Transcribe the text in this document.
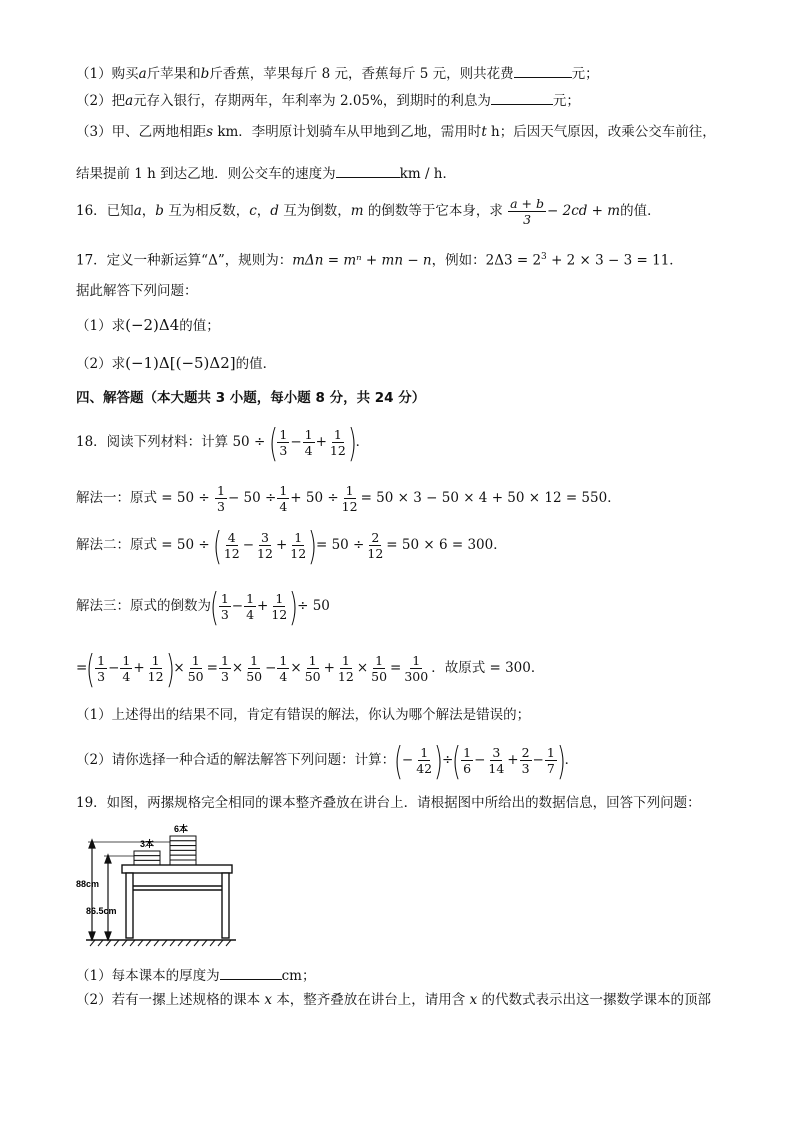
（1）购买a斤苹果和b斤香蕉，苹果每斤 8 元，香蕉每斤 5 元，则共花费	元；
（2）把a元存入银行，存期两年，年利率为 2.05%，到期时的利息为	元；
（3）甲、乙两地相距s km．李明原计划骑车从甲地到乙地，需用时t h；后因天气原因，改乘公交车前往，
结果提前 1 h 到达乙地．则公交车的速度为	km / h．
16．已知a，b 互为相反数，c，d 互为倒数，m 的倒数等于它本身，求 $\frac{a + b}{3} - 2cd + m$的值．
17．定义一种新运算“Δ”，规则为：mΔn = mⁿ + mn − n，例如：$2\Delta 3 = 2^3 + 2 \times 3 - 3 = 11$．
据此解答下列问题：
（1）求(−2)Δ4的值；
（2）求(−1)Δ[(−5)Δ2]的值．
四、解答题（本大题共 3 小题，每小题 8 分，共 24 分）
18．阅读下列材料：计算 50 ÷ ( $\frac{1}{3} - \frac{1}{4} + \frac{1}{12}$ )．
解法一：原式 = $50 \div \frac{1}{3} - 50 \div \frac{1}{4} + 50 \div \frac{1}{12} = 50 \times 3 - 50 \times 4 + 50 \times 12 = 550$．
解法二：原式 = 50 ÷ ( $\frac{4}{12} - \frac{3}{12} + \frac{1}{12}$ )= $50 \div \frac{2}{12} = 50 \times 6 = 300$．
解法三：原式的倒数为( $\frac{1}{3} - \frac{1}{4} + \frac{1}{12}$ )÷ 50
=( $\frac{1}{3} - \frac{1}{4} + \frac{1}{12}$ )× $\frac{1}{50} = \frac{1}{3} \times \frac{1}{50} - \frac{1}{4} \times \frac{1}{50} + \frac{1}{12} \times \frac{1}{50} = \frac{1}{300}$ ．故原式 = 300．
（1）上述得出的结果不同，肯定有错误的解法，你认为哪个解法是错误的；
（2）请你选择一种合适的解法解答下列问题：计算：(− $\frac{1}{42}$ )÷( $\frac{1}{6} - \frac{3}{14} + \frac{2}{3} - \frac{1}{7}$ )．
19．如图，两摞规格完全相同的课本整齐叠放在讲台上．请根据图中所给出的数据信息，回答下列问题：
88cm
86.5cm
3本
6本
（1）每本课本的厚度为	cm；
（2）若有一摞上述规格的课本 x 本，整齐叠放在讲台上，请用含 x 的代数式表示出这一摞数学课本的顶部
